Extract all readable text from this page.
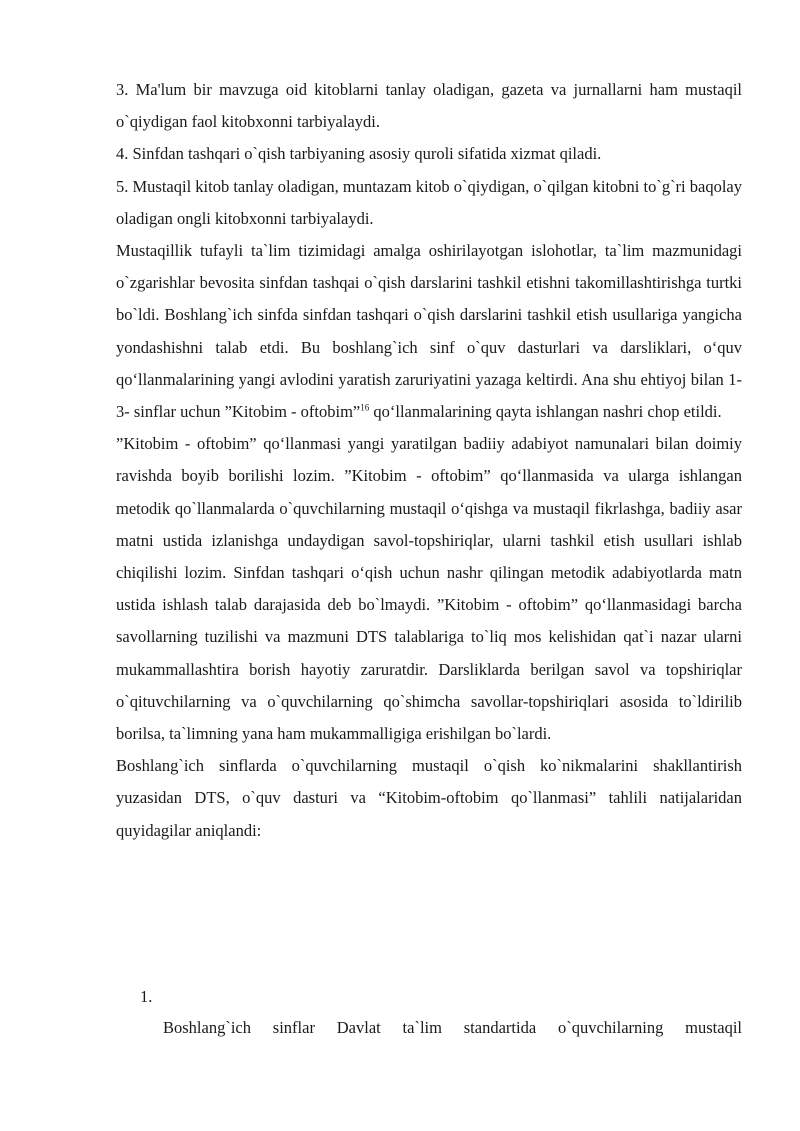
3. Ma'lum bir mavzuga oid kitoblarni tanlay oladigan, gazeta va jurnallarni ham mustaqil o`qiydigan faol kitobxonni tarbiyalaydi.

4. Sinfdan tashqari o`qish tarbiyaning asosiy quroli sifatida xizmat qiladi.

5. Mustaqil kitob tanlay oladigan, muntazam kitob o`qiydigan, o`qilgan kitobni to`g`ri baqolay oladigan ongli kitobxonni tarbiyalaydi.

Mustaqillik tufayli ta`lim tizimidagi amalga oshirilayotgan islohotlar, ta`lim mazmunidagi o`zgarishlar bevosita sinfdan tashqai o`qish darslarini tashkil etishni takomillashtirishga turtki bo`ldi. Boshlang`ich sinfda sinfdan tashqari o`qish darslarini tashkil etish usullariga yangicha yondashishni talab etdi. Bu boshlang`ich sinf o`quv dasturlari va darsliklari, o‘quv qo‘llanmalarining yangi avlodini yaratish zaruriyatini yazaga keltirdi. Ana shu ehtiyoj bilan 1-3- sinflar uchun ”Kitobim - oftobim”$^{16}$ qo‘llanmalarining qayta ishlangan nashri chop etildi.

”Kitobim - oftobim” qo‘llanmasi yangi yaratilgan badiiy adabiyot namunalari bilan doimiy ravishda boyib borilishi lozim. ”Kitobim - oftobim” qo‘llanmasida va ularga ishlangan metodik qo`llanmalarda o`quvchilarning mustaqil o‘qishga va mustaqil fikrlashga, badiiy asar matni ustida izlanishga undaydigan savol-topshiriqlar, ularni tashkil etish usullari ishlab chiqilishi lozim. Sinfdan tashqari o‘qish uchun nashr qilingan metodik adabiyotlarda matn ustida ishlash talab darajasida deb bo`lmaydi. ”Kitobim - oftobim” qo‘llanmasidagi barcha savollarning tuzilishi va mazmuni DTS talablariga to`liq mos kelishidan qat`i nazar ularni mukammallashtira borish hayotiy zaruratdir. Darsliklarda berilgan savol va topshiriqlar o`qituvchilarning va o`quvchilarning qo`shimcha savollar-topshiriqlari asosida to`ldirilib borilsa, ta`limning yana ham mukammalligiga erishilgan bo`lardi.

Boshlang`ich sinflarda o`quvchilarning mustaqil o`qish ko`nikmalarini shakllantirish yuzasidan DTS, o`quv dasturi va “Kitobim-oftobim qo`llanmasi” tahlili natijalaridan quyidagilar aniqlandi:

1.
Boshlang`ich sinflar Davlat ta`lim standartida o`quvchilarning mustaqil
